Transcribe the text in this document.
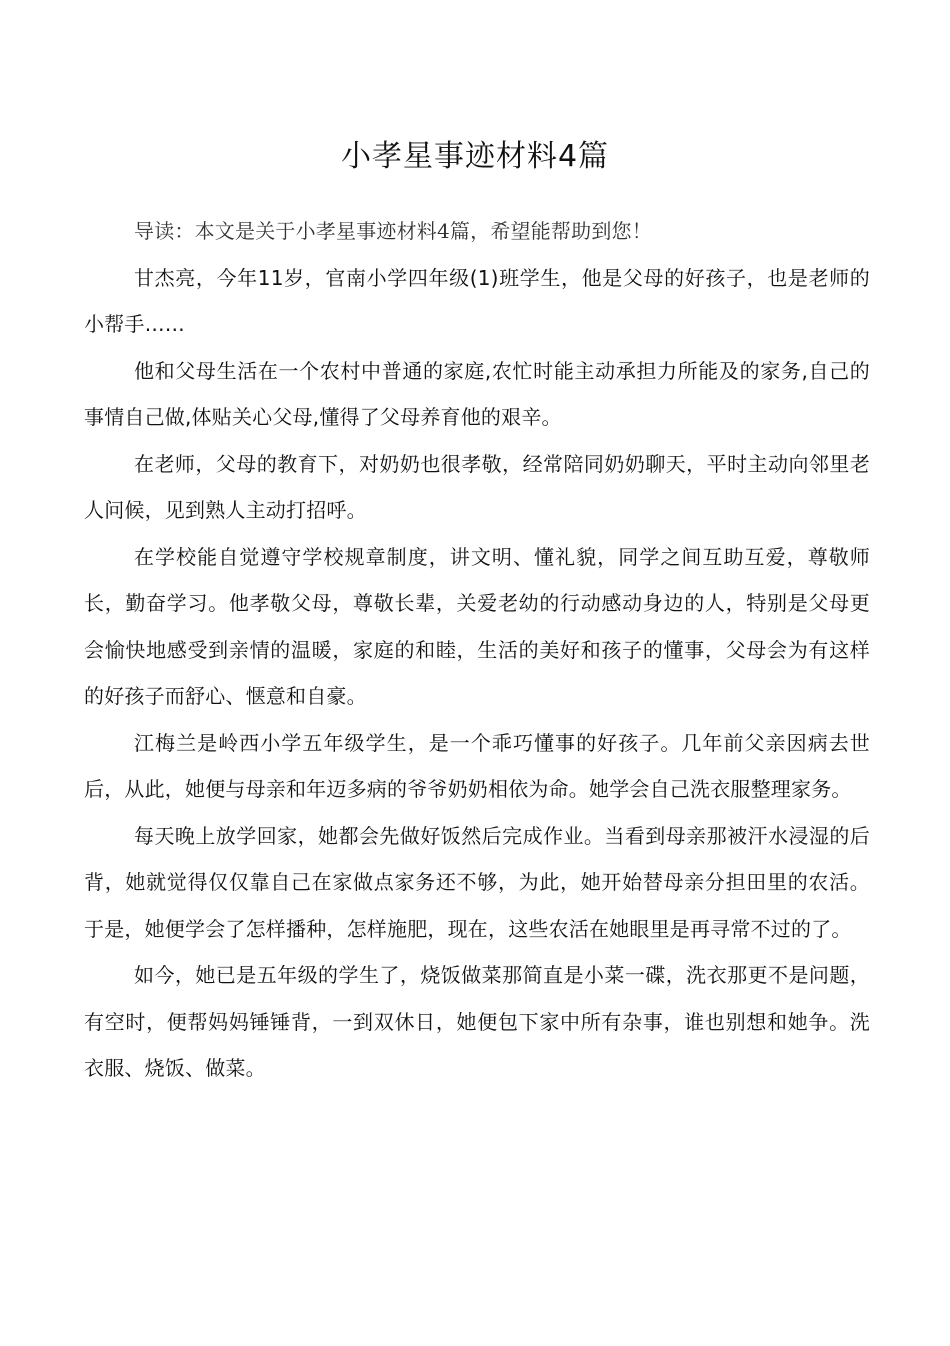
小孝星事迹材料4篇

导读：本文是关于小孝星事迹材料4篇，希望能帮助到您！

甘杰亮，今年11岁，官南小学四年级(1)班学生，他是父母的好孩子，也是老师的小帮手……

他和父母生活在一个农村中普通的家庭,农忙时能主动承担力所能及的家务,自己的事情自己做,体贴关心父母,懂得了父母养育他的艰辛。

在老师，父母的教育下，对奶奶也很孝敬，经常陪同奶奶聊天，平时主动向邻里老人问候，见到熟人主动打招呼。

在学校能自觉遵守学校规章制度，讲文明、懂礼貌，同学之间互助互爱，尊敬师长，勤奋学习。他孝敬父母，尊敬长辈，关爱老幼的行动感动身边的人，特别是父母更会愉快地感受到亲情的温暖，家庭的和睦，生活的美好和孩子的懂事，父母会为有这样的好孩子而舒心、惬意和自豪。

江梅兰是岭西小学五年级学生，是一个乖巧懂事的好孩子。几年前父亲因病去世后，从此，她便与母亲和年迈多病的爷爷奶奶相依为命。她学会自己洗衣服整理家务。

每天晚上放学回家，她都会先做好饭然后完成作业。当看到母亲那被汗水浸湿的后背，她就觉得仅仅靠自己在家做点家务还不够，为此，她开始替母亲分担田里的农活。于是，她便学会了怎样播种，怎样施肥，现在，这些农活在她眼里是再寻常不过的了。

如今，她已是五年级的学生了，烧饭做菜那简直是小菜一碟，洗衣那更不是问题，有空时，便帮妈妈锤锤背，一到双休日，她便包下家中所有杂事，谁也别想和她争。洗衣服、烧饭、做菜。
